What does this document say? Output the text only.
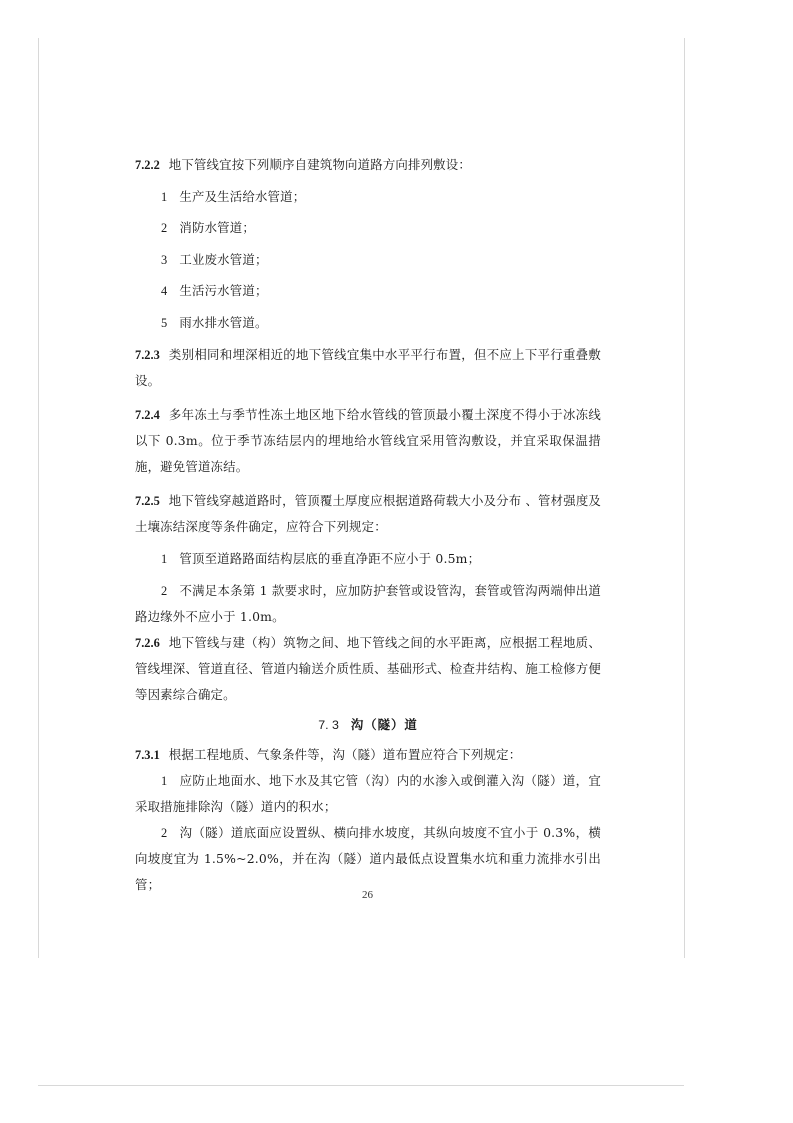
7.2.2 地下管线宜按下列顺序自建筑物向道路方向排列敷设：

1 生产及生活给水管道；

2 消防水管道；

3 工业废水管道；

4 生活污水管道；

5 雨水排水管道。

7.2.3 类别相同和埋深相近的地下管线宜集中水平平行布置，但不应上下平行重叠敷设。

7.2.4 多年冻土与季节性冻土地区地下给水管线的管顶最小覆土深度不得小于冰冻线以下 0.3m。位于季节冻结层内的埋地给水管线宜采用管沟敷设，并宜采取保温措施，避免管道冻结。

7.2.5 地下管线穿越道路时，管顶覆土厚度应根据道路荷载大小及分布 、管材强度及土壤冻结深度等条件确定，应符合下列规定：

1 管顶至道路路面结构层底的垂直净距不应小于 0.5m；

2 不满足本条第 1 款要求时，应加防护套管或设管沟，套管或管沟两端伸出道路边缘外不应小于 1.0m。

7.2.6 地下管线与建（构）筑物之间、地下管线之间的水平距离，应根据工程地质、管线埋深、管道直径、管道内输送介质性质、基础形式、检查井结构、施工检修方便等因素综合确定。

7. 3 沟（隧）道

7.3.1 根据工程地质、气象条件等，沟（隧）道布置应符合下列规定：

1 应防止地面水、地下水及其它管（沟）内的水渗入或倒灌入沟（隧）道，宜采取措施排除沟（隧）道内的积水；

2 沟（隧）道底面应设置纵、横向排水坡度，其纵向坡度不宜小于 0.3%，横向坡度宜为 1.5%~2.0%，并在沟（隧）道内最低点设置集水坑和重力流排水引出管；

26
